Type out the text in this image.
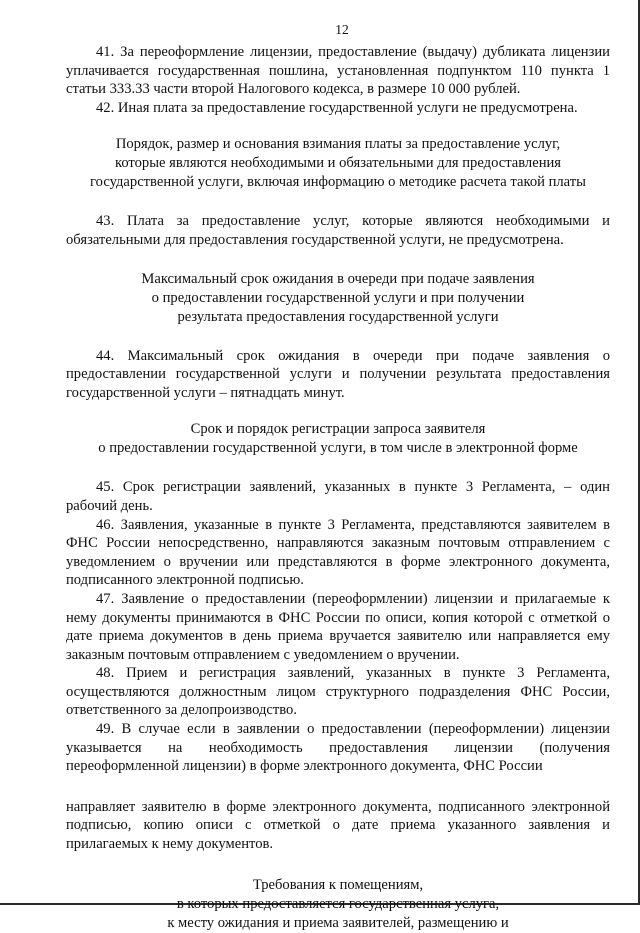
12

41. За переоформление лицензии, предоставление (выдачу) дубликата лицензии уплачивается государственная пошлина, установленная подпунктом 110 пункта 1 статьи 333.33 части второй Налогового кодекса, в размере 10 000 рублей.

42. Иная плата за предоставление государственной услуги не предусмотрена.

Порядок, размер и основания взимания платы за предоставление услуг,

которые являются необходимыми и обязательными для предоставления

государственной услуги, включая информацию о методике расчета такой платы

43. Плата за предоставление услуг, которые являются необходимыми и обязательными для предоставления государственной услуги, не предусмотрена.

Максимальный срок ожидания в очереди при подаче заявления

о предоставлении государственной услуги и при получении

результата предоставления государственной услуги

44. Максимальный срок ожидания в очереди при подаче заявления о предоставлении государственной услуги и получении результата предоставления государственной услуги – пятнадцать минут.

Срок и порядок регистрации запроса заявителя

о предоставлении государственной услуги, в том числе в электронной форме

45. Срок регистрации заявлений, указанных в пункте 3 Регламента, – один рабочий день.

46. Заявления, указанные в пункте 3 Регламента, представляются заявителем в ФНС России непосредственно, направляются заказным почтовым отправлением с уведомлением о вручении или представляются в форме электронного документа, подписанного электронной подписью.

47. Заявление о предоставлении (переоформлении) лицензии и прилагаемые к нему документы принимаются в ФНС России по описи, копия которой с отметкой о дате приема документов в день приема вручается заявителю или направляется ему заказным почтовым отправлением с уведомлением о вручении.

48. Прием и регистрация заявлений, указанных в пункте 3 Регламента, осуществляются должностным лицом структурного подразделения ФНС России, ответственного за делопроизводство.

49. В случае если в заявлении о предоставлении (переоформлении) лицензии указывается на необходимость предоставления лицензии (получения переоформленной лицензии) в форме электронного документа, ФНС России

направляет заявителю в форме электронного документа, подписанного электронной подписью, копию описи с отметкой о дате приема указанного заявления и прилагаемых к нему документов.

Требования к помещениям,

в которых предоставляется государственная услуга,

к месту ожидания и приема заявителей, размещению и
